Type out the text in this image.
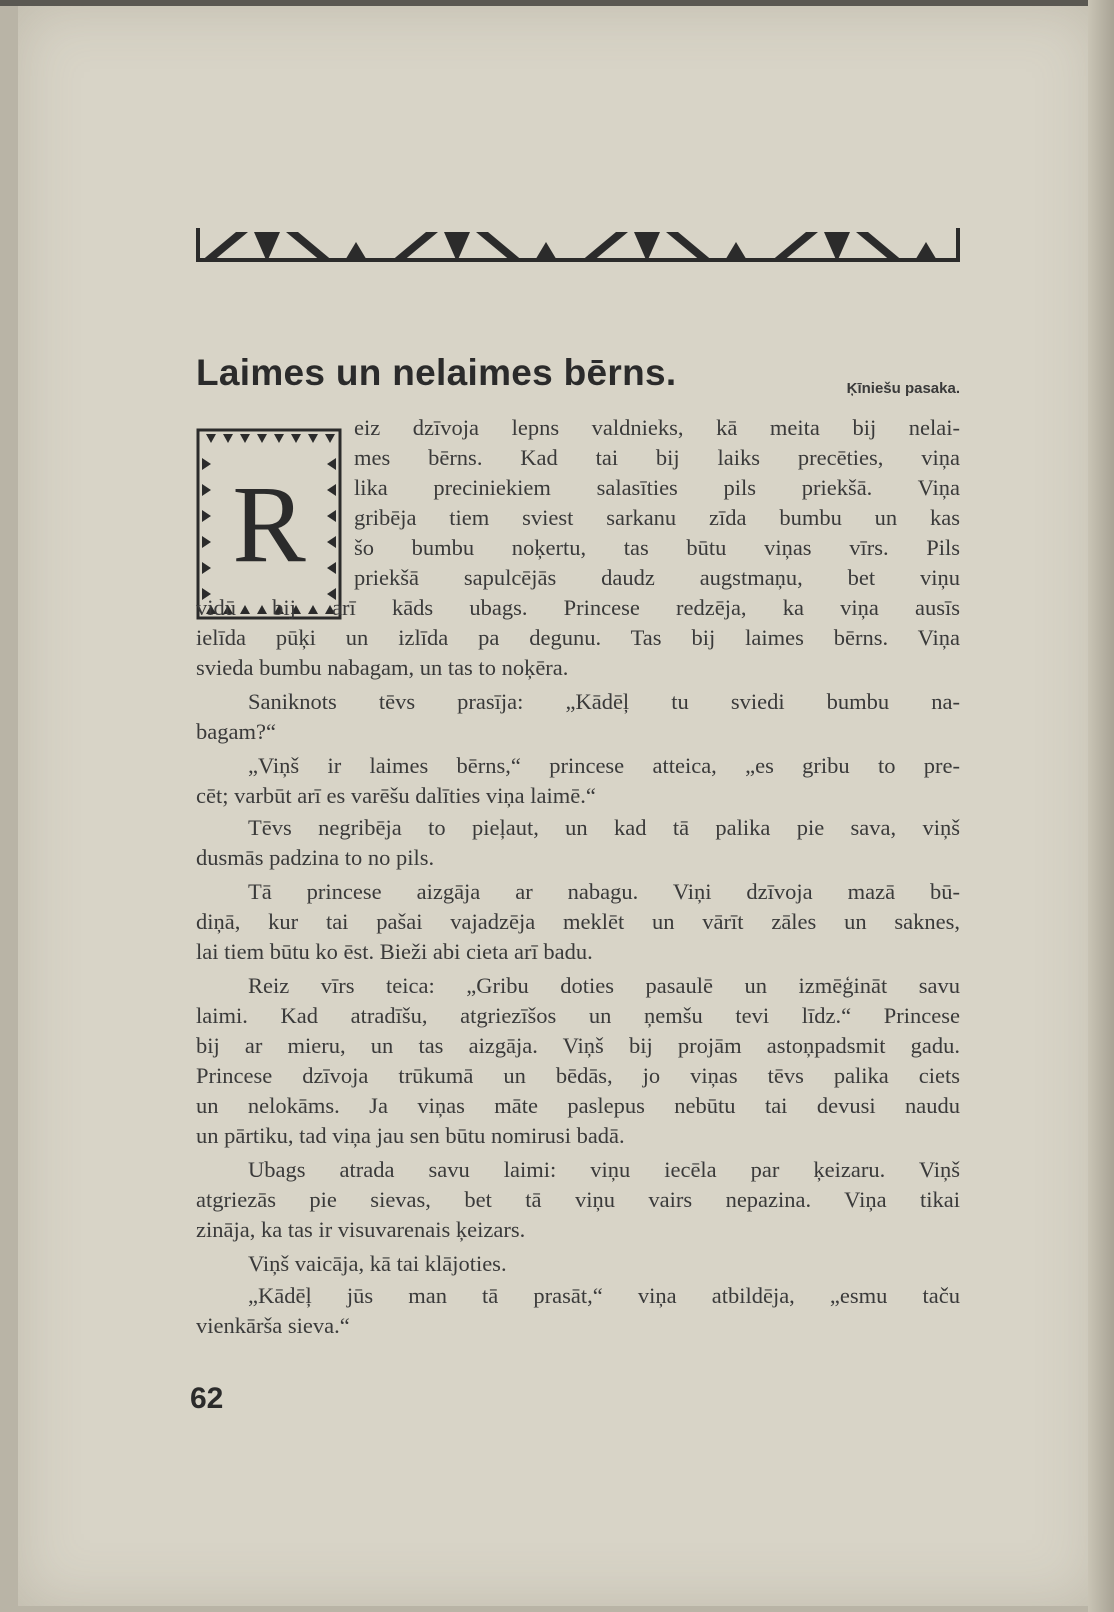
Laimes un nelaimes bērns.	Ķīniešu pasaka.
R
eiz dzīvoja lepns valdnieks, kā meita bij nelai-
mes bērns. Kad tai bij laiks precēties, viņa
lika preciniekiem salasīties pils priekšā. Viņa
gribēja tiem sviest sarkanu zīda bumbu un kas
šo bumbu noķertu, tas būtu viņas vīrs. Pils
priekšā sapulcējās daudz augstmaņu, bet viņu
vidū bij arī kāds ubags. Princese redzēja, ka viņa ausīs
ielīda pūķi un izlīda pa degunu. Tas bij laimes bērns. Viņa
svieda bumbu nabagam, un tas to noķēra.
Saniknots tēvs prasīja: „Kādēļ tu sviedi bumbu na-
bagam?“
„Viņš ir laimes bērns,“ princese atteica, „es gribu to pre-
cēt; varbūt arī es varēšu dalīties viņa laimē.“
Tēvs negribēja to pieļaut, un kad tā palika pie sava, viņš
dusmās padzina to no pils.
Tā princese aizgāja ar nabagu. Viņi dzīvoja mazā bū-
diņā, kur tai pašai vajadzēja meklēt un vārīt zāles un saknes,
lai tiem būtu ko ēst. Bieži abi cieta arī badu.
Reiz vīrs teica: „Gribu doties pasaulē un izmēģināt savu
laimi. Kad atradīšu, atgriezīšos un ņemšu tevi līdz.“ Princese
bij ar mieru, un tas aizgāja. Viņš bij projām astoņpadsmit gadu.
Princese dzīvoja trūkumā un bēdās, jo viņas tēvs palika ciets
un nelokāms. Ja viņas māte paslepus nebūtu tai devusi naudu
un pārtiku, tad viņa jau sen būtu nomirusi badā.
Ubags atrada savu laimi: viņu iecēla par ķeizaru. Viņš
atgriezās pie sievas, bet tā viņu vairs nepazina. Viņa tikai
zināja, ka tas ir visuvarenais ķeizars.
Viņš vaicāja, kā tai klājoties.
„Kādēļ jūs man tā prasāt,“ viņa atbildēja, „esmu taču
vienkārša sieva.“
62
